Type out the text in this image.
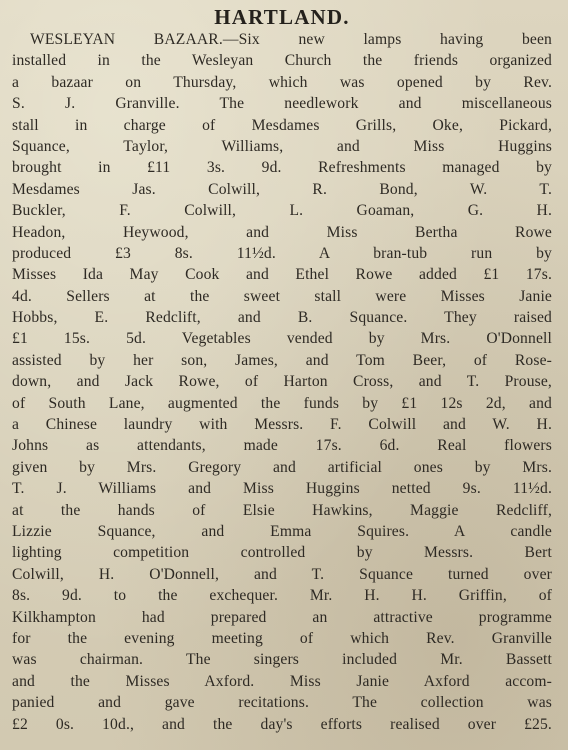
HARTLAND.
WESLEYAN BAZAAR.—Six new lamps having been
installed in the Wesleyan Church the friends organized
a bazaar on Thursday, which was opened by Rev.
S. J. Granville. The needlework and miscellaneous
stall in charge of Mesdames Grills, Oke, Pickard,
Squance, Taylor, Williams, and Miss Huggins
brought in £11 3s. 9d. Refreshments managed by
Mesdames Jas. Colwill, R. Bond, W. T.
Buckler, F. Colwill, L. Goaman, G. H.
Headon, Heywood, and Miss Bertha Rowe
produced £3 8s. 11½d. A bran-tub run by
Misses Ida May Cook and Ethel Rowe added £1 17s.
4d. Sellers at the sweet stall were Misses Janie
Hobbs, E. Redclift, and B. Squance. They raised
£1 15s. 5d. Vegetables vended by Mrs. O'Donnell
assisted by her son, James, and Tom Beer, of Rose-
down, and Jack Rowe, of Harton Cross, and T. Prouse,
of South Lane, augmented the funds by £1 12s 2d, and
a Chinese laundry with Messrs. F. Colwill and W. H.
Johns as attendants, made 17s. 6d. Real flowers
given by Mrs. Gregory and artificial ones by Mrs.
T. J. Williams and Miss Huggins netted 9s. 11½d.
at the hands of Elsie Hawkins, Maggie Redcliff,
Lizzie Squance, and Emma Squires. A candle
lighting competition controlled by Messrs. Bert
Colwill, H. O'Donnell, and T. Squance turned over
8s. 9d. to the exchequer. Mr. H. H. Griffin, of
Kilkhampton had prepared an attractive programme
for the evening meeting of which Rev. Granville
was chairman. The singers included Mr. Bassett
and the Misses Axford. Miss Janie Axford accom-
panied and gave recitations. The collection was
£2 0s. 10d., and the day's efforts realised over £25.
